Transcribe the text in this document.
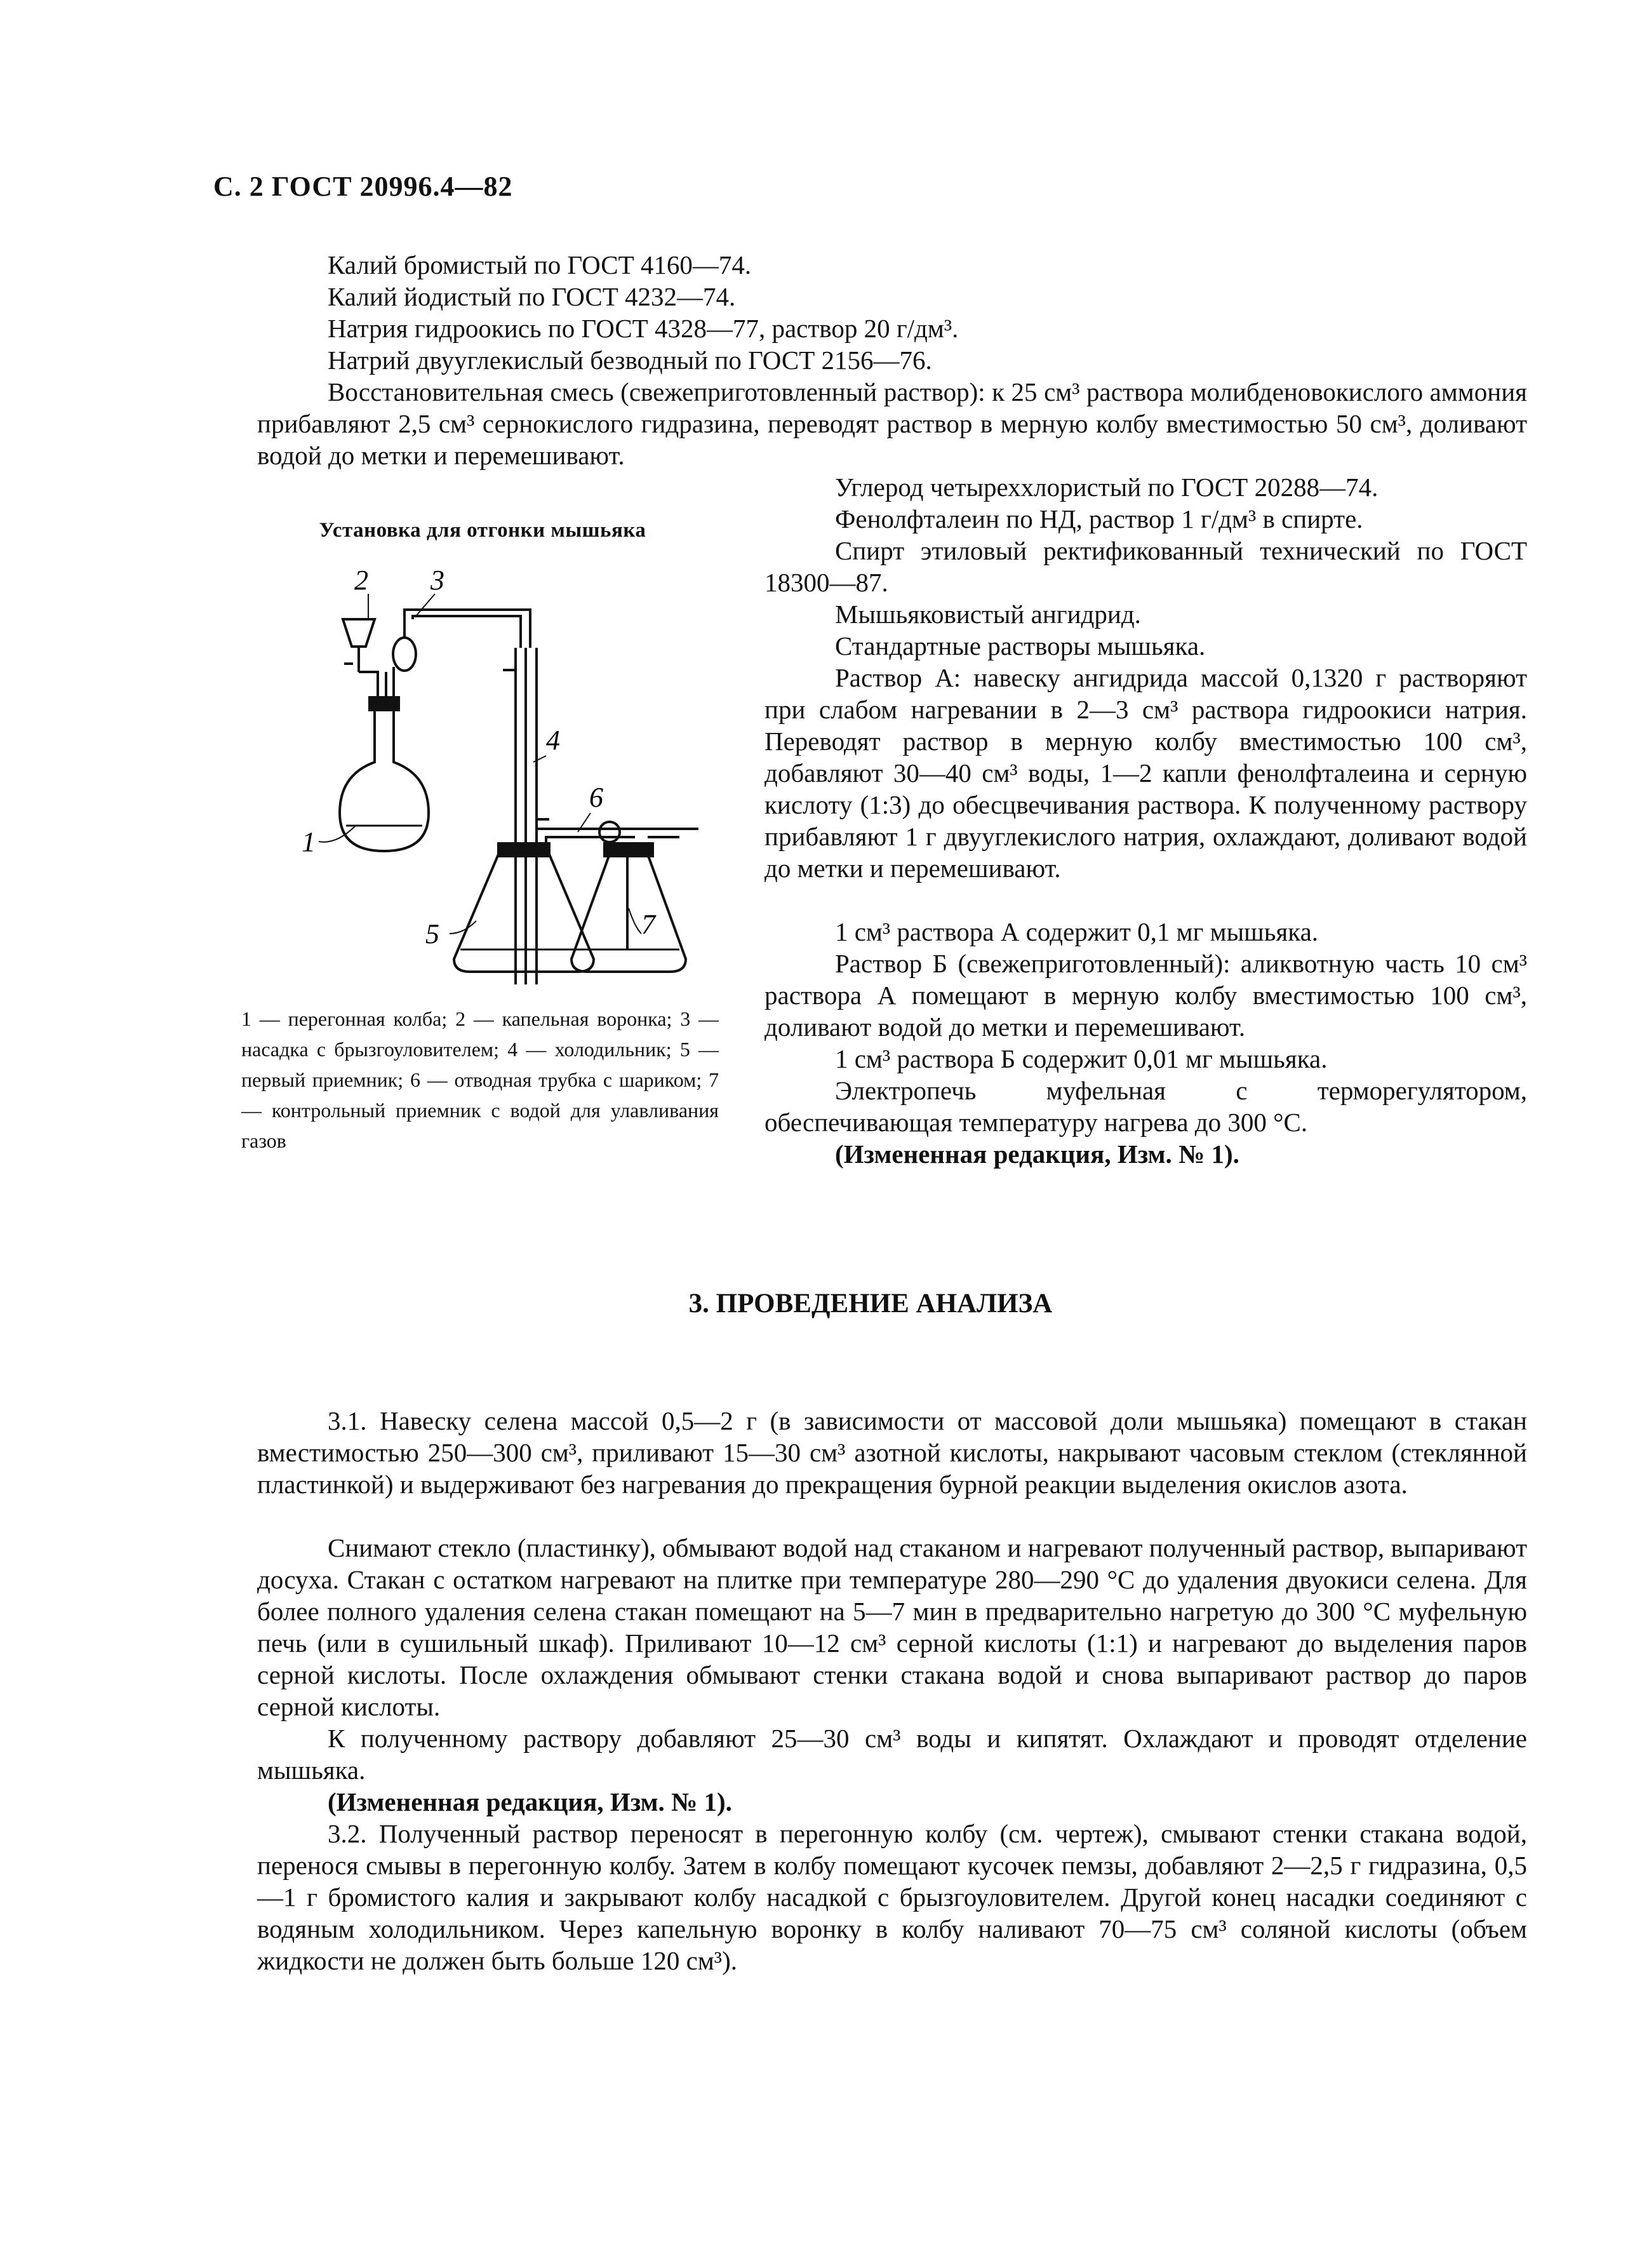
С. 2 ГОСТ 20996.4—82

Калий бромистый по ГОСТ 4160—74.

Калий йодистый по ГОСТ 4232—74.

Натрия гидроокись по ГОСТ 4328—77, раствор 20 г/дм³.

Натрий двууглекислый безводный по ГОСТ 2156—76.

Восстановительная смесь (свежеприготовленный раствор): к 25 см³ раствора молибденовокислого аммония прибавляют 2,5 см³ сернокислого гидразина, переводят раствор в мерную колбу вместимостью 50 см³, доливают водой до метки и перемешивают.

Установка для отгонки мышьяка
1
2 3
4
6
5	7

1 — перегонная колба; 2 — капельная воронка; 3 — насадка с брызгоуловителем; 4 — холодильник; 5 — первый приемник; 6 — отводная трубка с шариком; 7 — контрольный приемник с водой для улавливания газов

Углерод четыреххлористый по ГОСТ 20288—74.

Фенолфталеин по НД, раствор 1 г/дм³ в спирте.

Спирт этиловый ректификованный технический по ГОСТ 18300—87.

Мышьяковистый ангидрид.

Стандартные растворы мышьяка.

Раствор А: навеску ангидрида массой 0,1320 г растворяют при слабом нагревании в 2—3 см³ раствора гидроокиси натрия. Переводят раствор в мерную колбу вместимостью 100 см³, добавляют 30—40 см³ воды, 1—2 капли фенолфталеина и серную кислоту (1:3) до обесцвечивания раствора. К полученному раствору прибавляют 1 г двууглекислого натрия, охлаждают, доливают водой до метки и перемешивают.

1 см³ раствора А содержит 0,1 мг мышьяка.

Раствор Б (свежеприготовленный): аликвотную часть 10 см³ раствора А помещают в мерную колбу вместимостью 100 см³, доливают водой до метки и перемешивают.

1 см³ раствора Б содержит 0,01 мг мышьяка.

Электропечь муфельная с терморегулятором, обеспечивающая температуру нагрева до 300 °С.

(Измененная редакция, Изм. № 1).

3. ПРОВЕДЕНИЕ АНАЛИЗА

3.1. Навеску селена массой 0,5—2 г (в зависимости от массовой доли мышьяка) помещают в стакан вместимостью 250—300 см³, приливают 15—30 см³ азотной кислоты, накрывают часовым стеклом (стеклянной пластинкой) и выдерживают без нагревания до прекращения бурной реакции выделения окислов азота.

Снимают стекло (пластинку), обмывают водой над стаканом и нагревают полученный раствор, выпаривают досуха. Стакан с остатком нагревают на плитке при температуре 280—290 °С до удаления двуокиси селена. Для более полного удаления селена стакан помещают на 5—7 мин в предварительно нагретую до 300 °С муфельную печь (или в сушильный шкаф). Приливают 10—12 см³ серной кислоты (1:1) и нагревают до выделения паров серной кислоты. После охлаждения обмывают стенки стакана водой и снова выпаривают раствор до паров серной кислоты.

К полученному раствору добавляют 25—30 см³ воды и кипятят. Охлаждают и проводят отделение мышьяка.

(Измененная редакция, Изм. № 1).

3.2. Полученный раствор переносят в перегонную колбу (см. чертеж), смывают стенки стакана водой, перенося смывы в перегонную колбу. Затем в колбу помещают кусочек пемзы, добавляют 2—2,5 г гидразина, 0,5—1 г бромистого калия и закрывают колбу насадкой с брызгоуловителем. Другой конец насадки соединяют с водяным холодильником. Через капельную воронку в колбу наливают 70—75 см³ соляной кислоты (объем жидкости не должен быть больше 120 см³).
